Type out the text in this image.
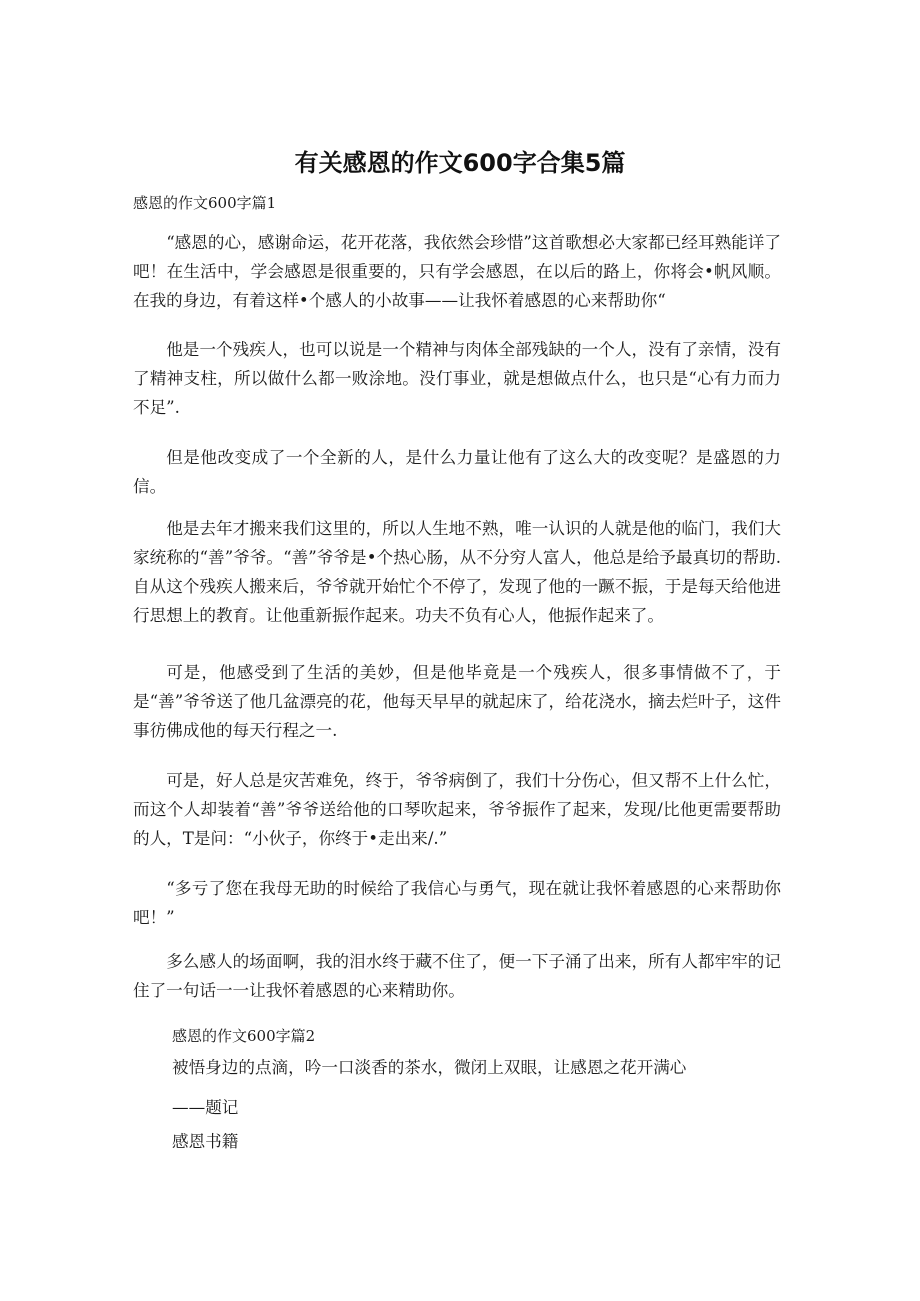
有关感恩的作文600字合集5篇
感恩的作文600字篇1
“感恩的心，感谢命运，花开花落，我依然会珍惜”这首歌想必大家都已经耳熟能详了吧！在生活中，学会感恩是很重要的，只有学会感恩，在以后的路上，你将会•帆风顺。在我的身边，有着这样•个感人的小故事——让我怀着感恩的心来帮助你“
他是一个残疾人，也可以说是一个精神与肉体全部残缺的一个人，没有了亲情，没有了精神支柱，所以做什么都一败涂地。没仃事业，就是想做点什么，也只是“心有力而力不足”.
但是他改变成了一个全新的人，是什么力量让他有了这么大的改变呢？是盛恩的力信。
他是去年才搬来我们这里的，所以人生地不熟，唯一认识的人就是他的临门，我们大家统称的“善”爷爷。“善”爷爷是•个热心肠，从不分穷人富人，他总是给予最真切的帮助.自从这个残疾人搬来后，爷爷就开始忙个不停了，发现了他的一蹶不振，于是每天给他进行思想上的教育。让他重新振作起来。功夫不负有心人，他振作起来了。
可是，他感受到了生活的美妙，但是他毕竟是一个残疾人，很多事情做不了，于是“善”爷爷送了他几盆漂亮的花，他每天早早的就起床了，给花浇水，摘去烂叶子，这件事彷佛成他的每天行程之一.
可是，好人总是灾苦难免，终于，爷爷病倒了，我们十分伤心，但又帮不上什么忙，而这个人却装着“善”爷爷送给他的口琴吹起来，爷爷振作了起来，发现/比他更需要帮助的人，T是问：“小伙子，你终于•走出来/.”
“多亏了您在我母无助的时候给了我信心与勇气，现在就让我怀着感恩的心来帮助你吧！”
多么感人的场面啊，我的泪水终于藏不住了，便一下子涌了出来，所有人都牢牢的记住了一句话一一让我怀着感恩的心来精助你。
感恩的作文600字篇2
被悟身边的点滴，吟一口淡香的茶水，微闭上双眼，让感恩之花开满心
——题记
感恩书籍
